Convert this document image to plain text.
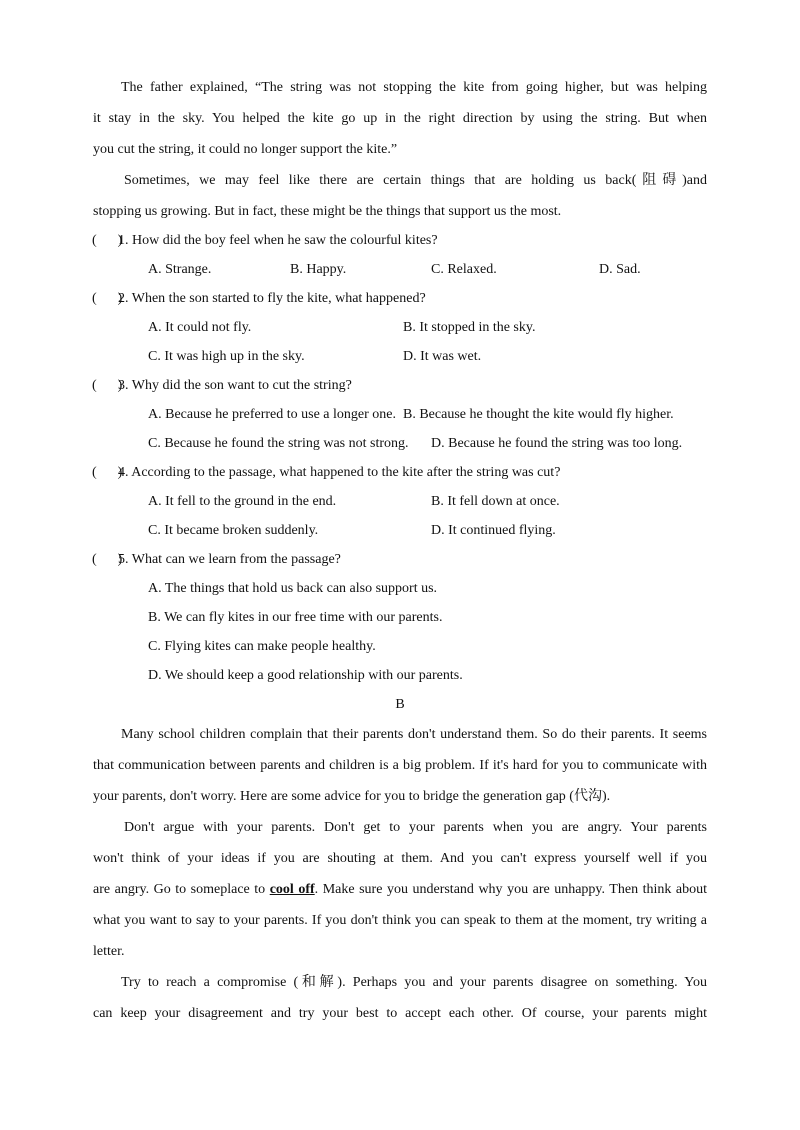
The father explained, “The string was not stopping the kite from going higher, but was helping
it stay in the sky. You helped the kite go up in the right direction by using the string. But when
you cut the string, it could no longer support the kite.”
Sometimes, we may feel like there are certain things that are holding us back(阻碍)and
stopping us growing. But in fact, these might be the things that support us the most.
(      )
1. How did the boy feel when he saw the colourful kites?
A. Strange.	B. Happy.	C. Relaxed.	D. Sad.
(      )
2. When the son started to fly the kite, what happened?
A. It could not fly.	B. It stopped in the sky.
C. It was high up in the sky.	D. It was wet.
(      )
3. Why did the son want to cut the string?
A. Because he preferred to use a longer one. B. Because he thought the kite would fly higher.
C. Because he found the string was not strong. D. Because he found the string was too long.
(      )
4. According to the passage, what happened to the kite after the string was cut?
A. It fell to the ground in the end.	B. It fell down at once.
C. It became broken suddenly.	D. It continued flying.
(      )
5. What can we learn from the passage?
A. The things that hold us back can also support us.
B. We can fly kites in our free time with our parents.
C. Flying kites can make people healthy.
D. We should keep a good relationship with our parents.
B
Many school children complain that their parents don't understand them. So do their parents. It seems
that communication between parents and children is a big problem. If it's hard for you to communicate with
your parents, don't worry. Here are some advice for you to bridge the generation gap (代沟).
Don't argue with your parents. Don't get to your parents when you are angry. Your parents
won't think of your ideas if you are shouting at them. And you can't express yourself well if you
are angry. Go to someplace to cool off. Make sure you understand why you are unhappy. Then think about
what you want to say to your parents. If you don't think you can speak to them at the moment, try writing a
letter.
Try to reach a compromise (和解). Perhaps you and your parents disagree on something. You
can keep your disagreement and try your best to accept each other. Of course, your parents might
